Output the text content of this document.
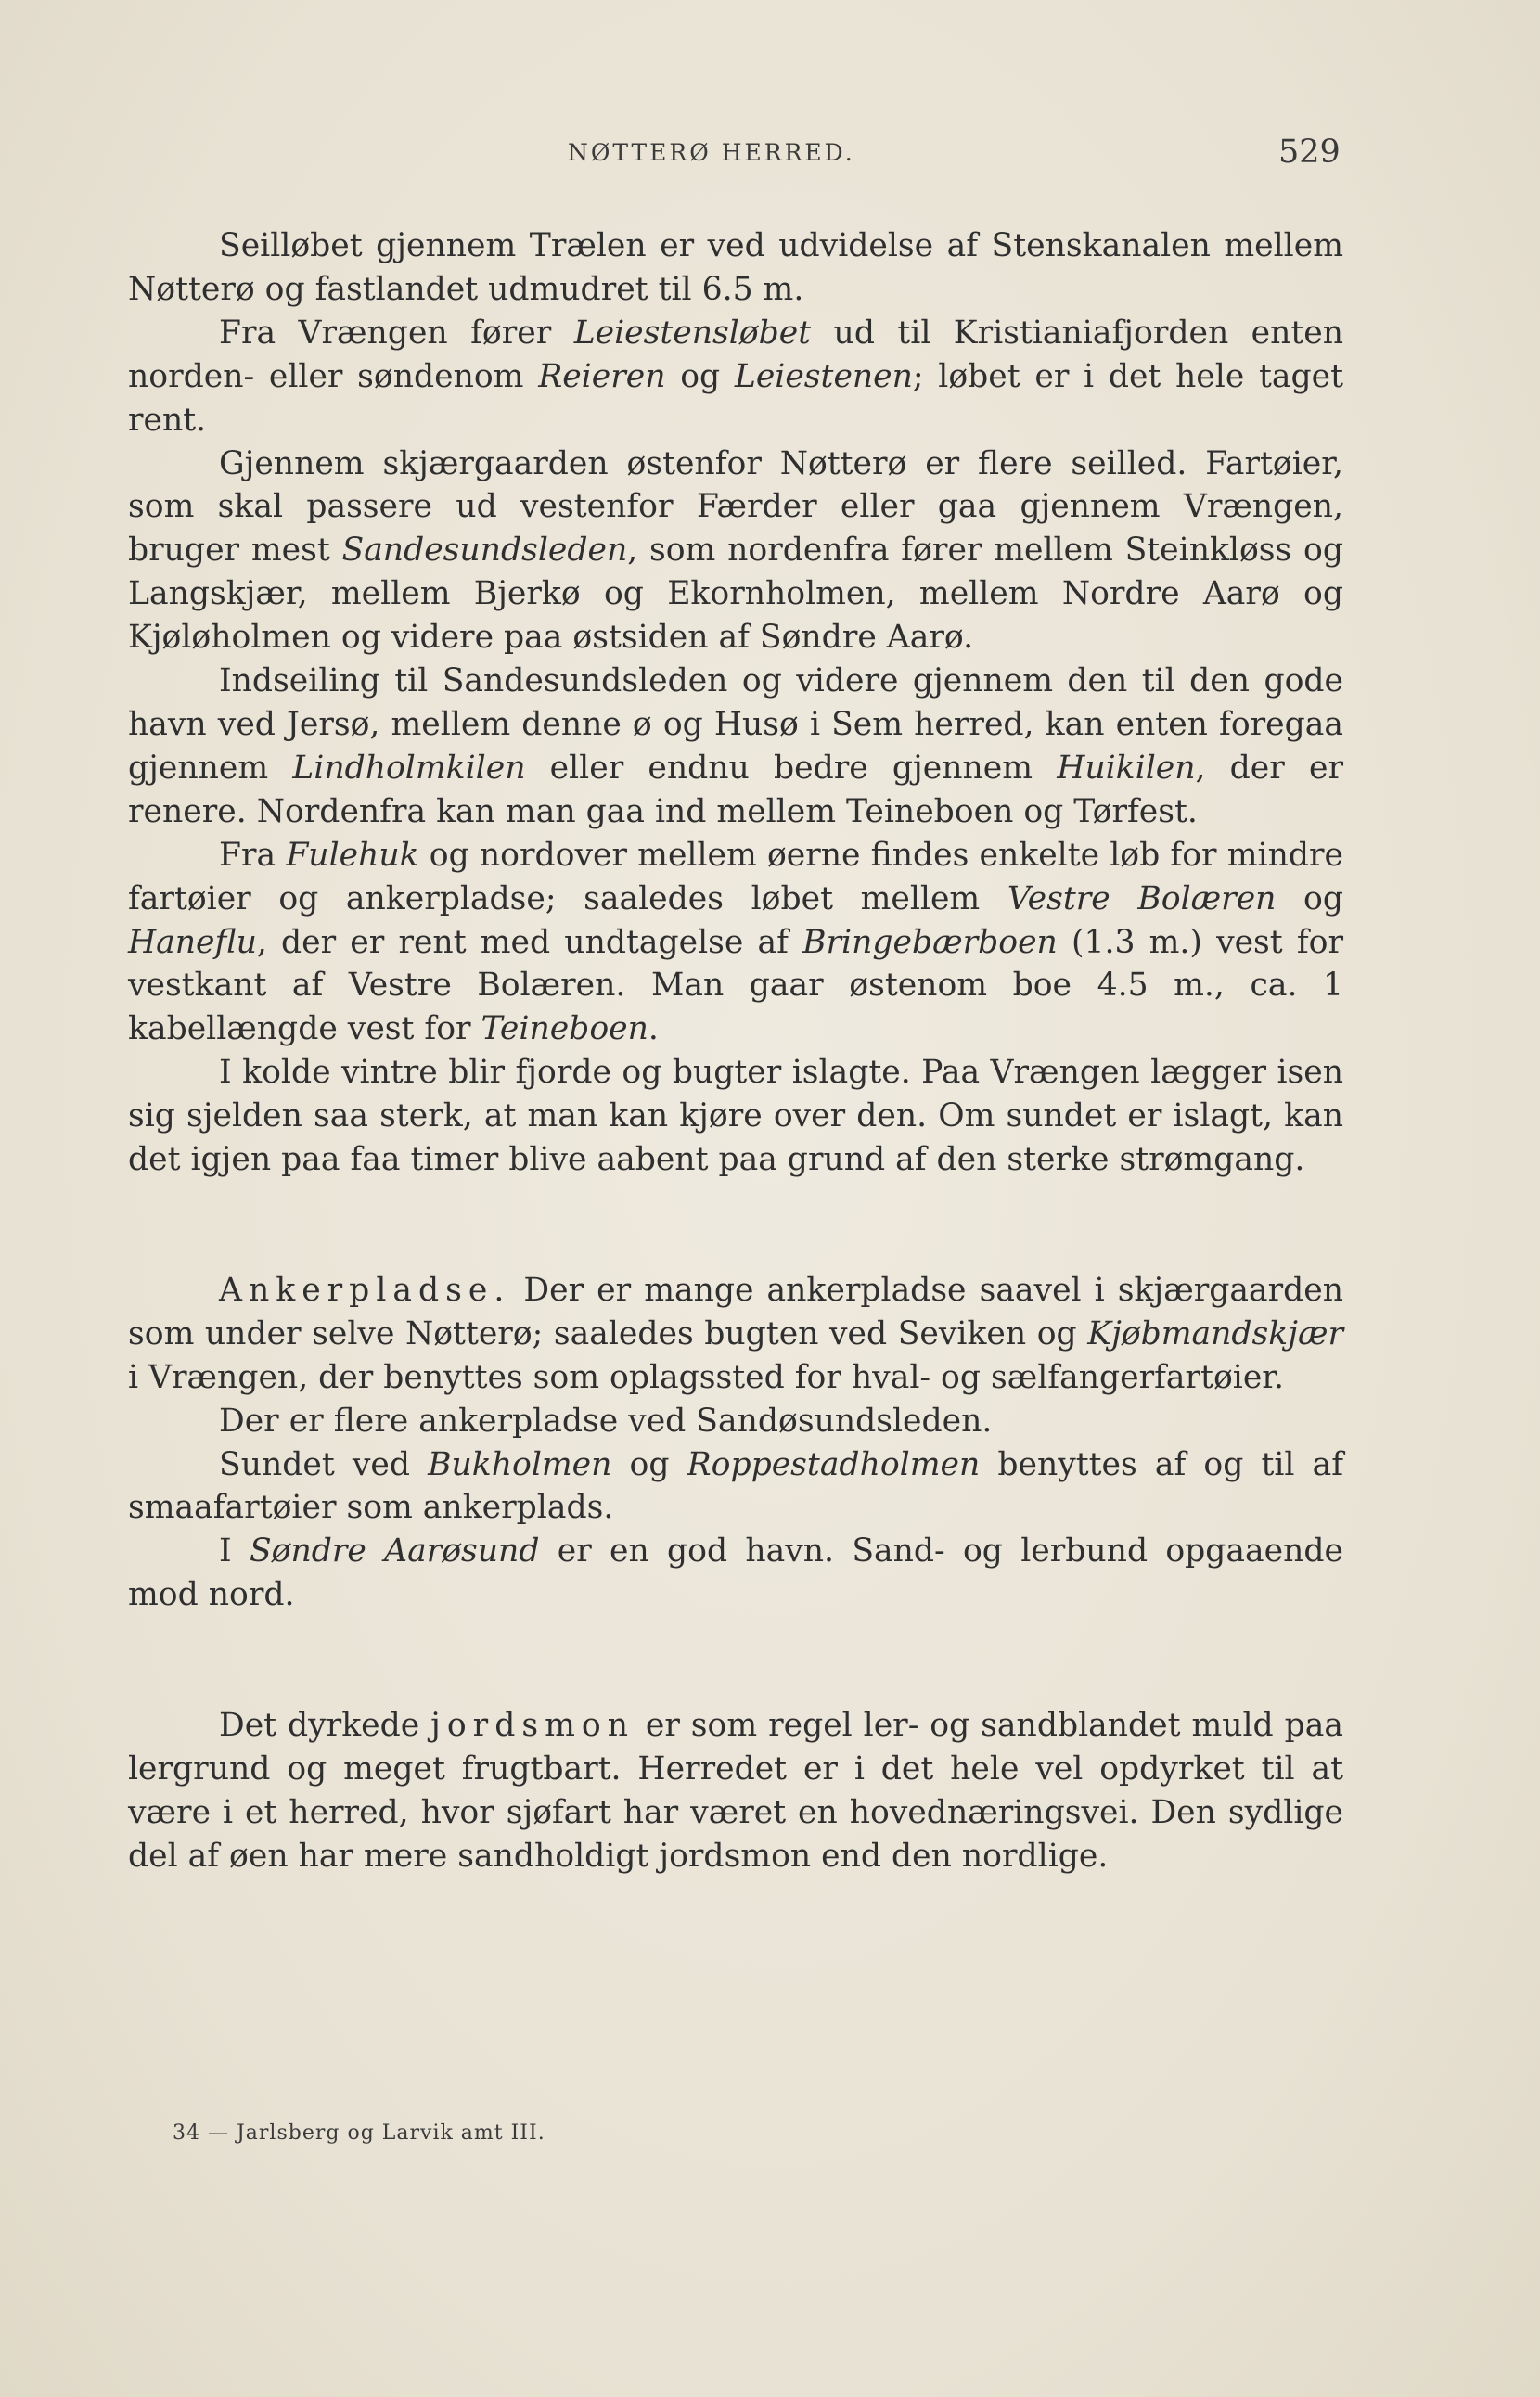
NØTTERØ HERRED.	529

Seilløbet gjennem Trælen er ved udvidelse af Stenskanalen mellem Nøtterø og fastlandet udmudret til 6.5 m.

Fra Vrængen fører Leiestensløbet ud til Kristianiafjorden enten norden- eller søndenom Reieren og Leiestenen; løbet er i det hele taget rent.

Gjennem skjærgaarden østenfor Nøtterø er flere seilled. Fartøier, som skal passere ud vestenfor Færder eller gaa gjennem Vrængen, bruger mest Sandesundsleden, som nordenfra fører mellem Steinkløss og Langskjær, mellem Bjerkø og Ekornholmen, mellem Nordre Aarø og Kjøløholmen og videre paa østsiden af Søndre Aarø.

Indseiling til Sandesundsleden og videre gjennem den til den gode havn ved Jersø, mellem denne ø og Husø i Sem herred, kan enten foregaa gjennem Lindholmkilen eller endnu bedre gjennem Huikilen, der er renere. Nordenfra kan man gaa ind mellem Teineboen og Tørfest.

Fra Fulehuk og nordover mellem øerne findes enkelte løb for mindre fartøier og ankerpladse; saaledes løbet mellem Vestre Bolæren og Haneflu, der er rent med undtagelse af Bringebærboen (1.3 m.) vest for vestkant af Vestre Bolæren. Man gaar østenom boe 4.5 m., ca. 1 kabellængde vest for Teineboen.

I kolde vintre blir fjorde og bugter islagte. Paa Vrængen lægger isen sig sjelden saa sterk, at man kan kjøre over den. Om sundet er islagt, kan det igjen paa faa timer blive aabent paa grund af den sterke strømgang.

Ankerpladse. Der er mange ankerpladse saavel i skjærgaarden som under selve Nøtterø; saaledes bugten ved Seviken og Kjøbmandskjær i Vrængen, der benyttes som oplagssted for hval- og sælfangerfartøier.

Der er flere ankerpladse ved Sandøsundsleden.

Sundet ved Bukholmen og Roppestadholmen benyttes af og til af smaafartøier som ankerplads.

I Søndre Aarøsund er en god havn. Sand- og lerbund opgaaende mod nord.

Det dyrkede jordsmon er som regel ler- og sandblandet muld paa lergrund og meget frugtbart. Herredet er i det hele vel opdyrket til at være i et herred, hvor sjøfart har været en hovednæringsvei. Den sydlige del af øen har mere sandholdigt jordsmon end den nordlige.

34 — Jarlsberg og Larvik amt III.
